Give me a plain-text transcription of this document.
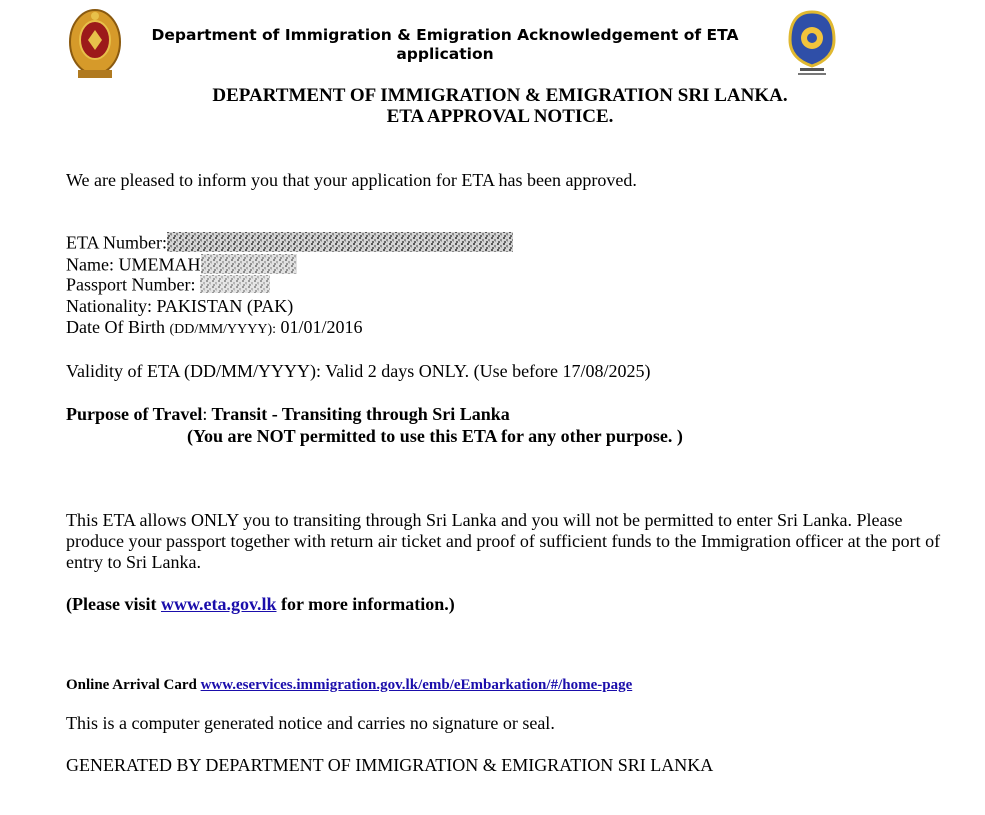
Department of Immigration & Emigration Acknowledgement of ETA application
DEPARTMENT OF IMMIGRATION & EMIGRATION SRI LANKA.
ETA APPROVAL NOTICE.
We are pleased to inform you that your application for ETA has been approved.
ETA Number:
Name: UMEMAH
Passport Number:
Nationality: PAKISTAN (PAK)
Date Of Birth (DD/MM/YYYY): 01/01/2016
Validity of ETA (DD/MM/YYYY): Valid 2 days ONLY. (Use before 17/08/2025)
Purpose of Travel: Transit - Transiting through Sri Lanka
(You are NOT permitted to use this ETA for any other purpose. )
This ETA allows ONLY you to transiting through Sri Lanka and you will not be permitted to enter Sri Lanka. Please produce your passport together with return air ticket and proof of sufficient funds to the Immigration officer at the port of entry to Sri Lanka.
(Please visit www.eta.gov.lk for more information.)
Online Arrival Card www.eservices.immigration.gov.lk/emb/eEmbarkation/#/home-page
This is a computer generated notice and carries no signature or seal.
GENERATED BY DEPARTMENT OF IMMIGRATION & EMIGRATION SRI LANKA
